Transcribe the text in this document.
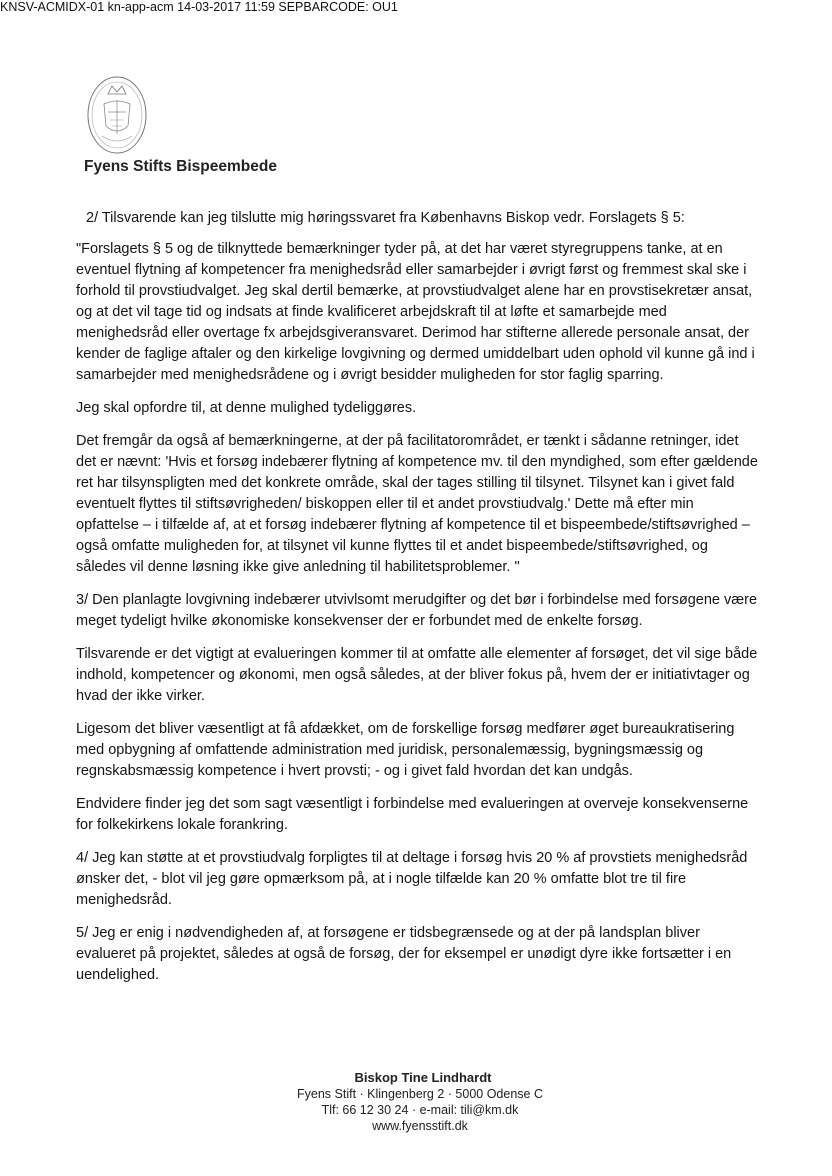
KNSV-ACMIDX-01 kn-app-acm 14-03-2017 11:59 SEPBARCODE: OU1
Fyens Stifts Bispeembede

2/ Tilsvarende kan jeg tilslutte mig høringssvaret fra Københavns Biskop vedr. Forslagets § 5:

"Forslagets § 5 og de tilknyttede bemærkninger tyder på, at det har været styregruppens tanke, at en eventuel flytning af kompetencer fra menighedsråd eller samarbejder i øvrigt først og fremmest skal ske i forhold til provstiudvalget. Jeg skal dertil bemærke, at provstiudvalget alene har en provstisekretær ansat, og at det vil tage tid og indsats at finde kvalificeret arbejdskraft til at løfte et samarbejde med menighedsråd eller overtage fx arbejdsgiveransvaret. Derimod har stifterne allerede personale ansat, der kender de faglige aftaler og den kirkelige lovgivning og dermed umiddelbart uden ophold vil kunne gå ind i samarbejder med menighedsrådene og i øvrigt besidder muligheden for stor faglig sparring.

Jeg skal opfordre til, at denne mulighed tydeliggøres.

Det fremgår da også af bemærkningerne, at der på facilitatorområdet, er tænkt i sådanne retninger, idet det er nævnt: 'Hvis et forsøg indebærer flytning af kompetence mv. til den myndighed, som efter gældende ret har tilsynspligten med det konkrete område, skal der tages stilling til tilsynet. Tilsynet kan i givet fald eventuelt flyttes til stiftsøvrigheden/ biskoppen eller til et andet provstiudvalg.' Dette må efter min opfattelse – i tilfælde af, at et forsøg indebærer flytning af kompetence til et bispeembede/stiftsøvrighed – også omfatte muligheden for, at tilsynet vil kunne flyttes til et andet bispeembede/stiftsøvrighed, og således vil denne løsning ikke give anledning til habilitetsproblemer. "

3/ Den planlagte lovgivning indebærer utvivlsomt merudgifter og det bør i forbindelse med forsøgene være meget tydeligt hvilke økonomiske konsekvenser der er forbundet med de enkelte forsøg.

Tilsvarende er det vigtigt at evalueringen kommer til at omfatte alle elementer af forsøget, det vil sige både indhold, kompetencer og økonomi, men også således, at der bliver fokus på, hvem der er initiativtager og hvad der ikke virker.

Ligesom det bliver væsentligt at få afdækket, om de forskellige forsøg medfører øget bureaukratisering med opbygning af omfattende administration med juridisk, personalemæssig, bygningsmæssig og regnskabsmæssig kompetence i hvert provsti; - og i givet fald hvordan det kan undgås.

Endvidere finder jeg det som sagt væsentligt i forbindelse med evalueringen at overveje konsekvenserne for folkekirkens lokale forankring.

4/ Jeg kan støtte at et provstiudvalg forpligtes til at deltage i forsøg hvis 20 % af provstiets menighedsråd ønsker det, - blot vil jeg gøre opmærksom på, at i nogle tilfælde kan 20 % omfatte blot tre til fire menighedsråd.

5/ Jeg er enig i nødvendigheden af, at forsøgene er tidsbegrænsede og at der på landsplan bliver evalueret på projektet, således at også de forsøg, der for eksempel er unødigt dyre ikke fortsætter i en uendelighed.

Biskop Tine Lindhardt
Fyens Stift · Klingenberg 2 · 5000 Odense C
Tlf: 66 12 30 24 · e-mail: tili@km.dk
www.fyensstift.dk
